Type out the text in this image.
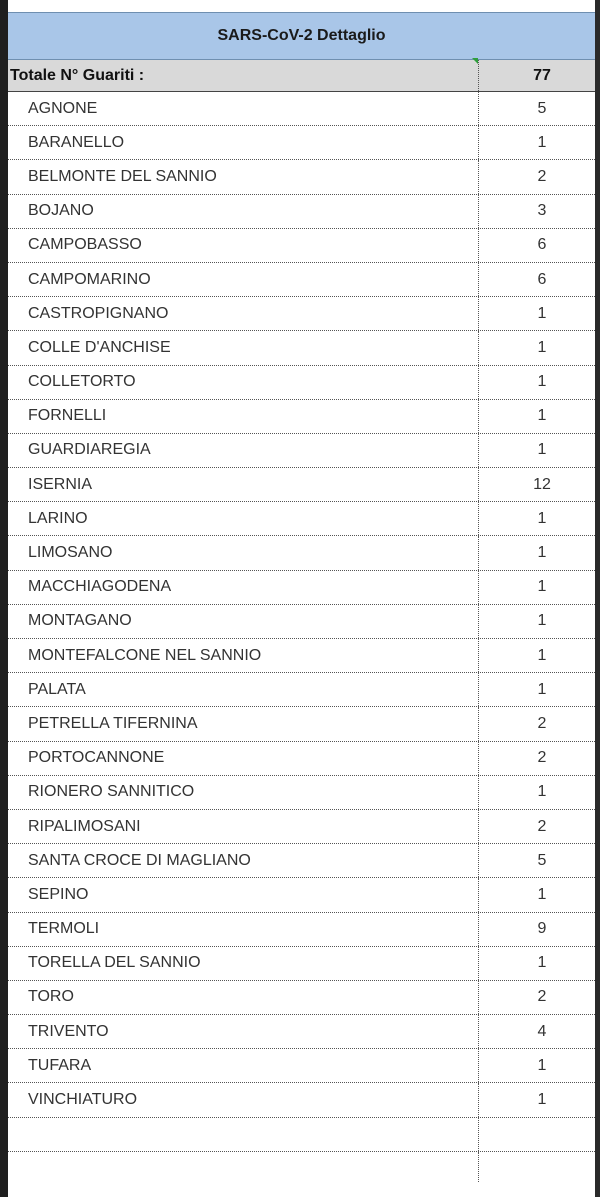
SARS-CoV-2 Dettaglio
Totale N° Guariti :	77
AGNONE	5
BARANELLO	1
BELMONTE DEL SANNIO	2
BOJANO	3
CAMPOBASSO	6
CAMPOMARINO	6
CASTROPIGNANO	1
COLLE D'ANCHISE	1
COLLETORTO	1
FORNELLI	1
GUARDIAREGIA	1
ISERNIA	12
LARINO	1
LIMOSANO	1
MACCHIAGODENA	1
MONTAGANO	1
MONTEFALCONE NEL SANNIO	1
PALATA	1
PETRELLA TIFERNINA	2
PORTOCANNONE	2
RIONERO SANNITICO	1
RIPALIMOSANI	2
SANTA CROCE DI MAGLIANO	5
SEPINO	1
TERMOLI	9
TORELLA DEL SANNIO	1
TORO	2
TRIVENTO	4
TUFARA	1
VINCHIATURO	1
